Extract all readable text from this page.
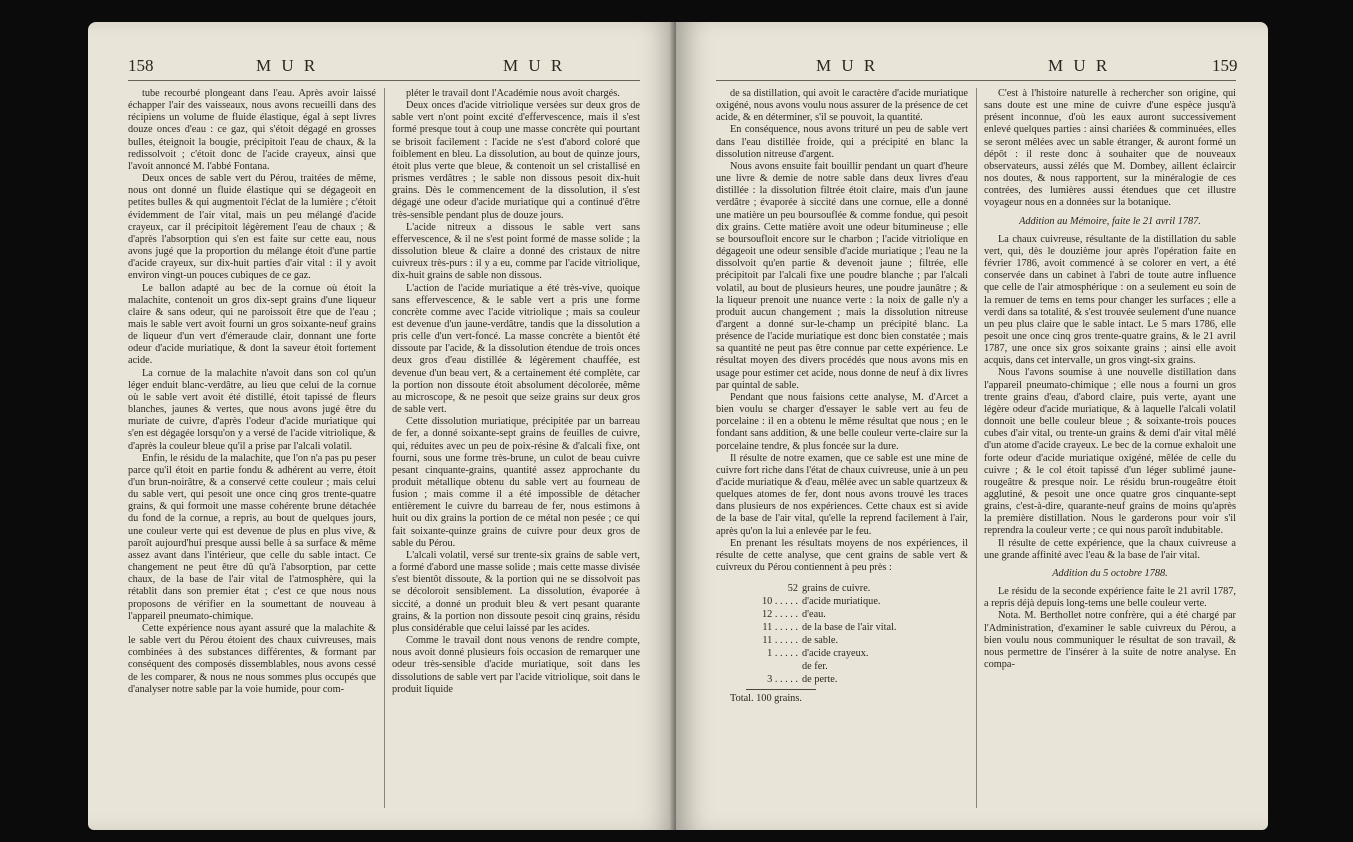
158	M U R	M U R

tube recourbé plongeant dans l'eau. Après avoir laissé échapper l'air des vaisseaux, nous avons recueilli dans des récipiens un volume de fluide élastique, égal à sept livres douze onces d'eau : ce gaz, qui s'étoit dégagé en grosses bulles, éteignoit la bougie, précipitoit l'eau de chaux, & la redissolvoit ; c'étoit donc de l'acide crayeux, ainsi que l'avoit annoncé M. l'abbé Fontana.

Deux onces de sable vert du Pérou, traitées de même, nous ont donné un fluide élastique qui se dégageoit en petites bulles & qui augmentoit l'éclat de la lumière ; c'étoit évidemment de l'air vital, mais un peu mélangé d'acide crayeux, car il précipitoit légèrement l'eau de chaux ; & d'après l'absorption qui s'en est faite sur cette eau, nous avons jugé que la proportion du mélange étoit d'une partie d'acide crayeux, sur dix-huit parties d'air vital : il y avoit environ vingt-un pouces cubiques de ce gaz.

Le ballon adapté au bec de la cornue où étoit la malachite, contenoit un gros dix-sept grains d'une liqueur claire & sans odeur, qui ne paroissoit être que de l'eau ; mais le sable vert avoit fourni un gros soixante-neuf grains de liqueur d'un vert d'émeraude clair, donnant une forte odeur d'acide muriatique, & dont la saveur étoit fortement acide.

La cornue de la malachite n'avoit dans son col qu'un léger enduit blanc-verdâtre, au lieu que celui de la cornue où le sable vert avoit été distillé, étoit tapissé de fleurs blanches, jaunes & vertes, que nous avons jugé être du muriate de cuivre, d'après l'odeur d'acide muriatique qui s'en est dégagée lorsqu'on y a versé de l'acide vitriolique, & d'après la couleur bleue qu'il a prise par l'alcali volatil.

Enfin, le résidu de la malachite, que l'on n'a pas pu peser parce qu'il étoit en partie fondu & adhérent au verre, étoit d'un brun-noirâtre, & a conservé cette couleur ; mais celui du sable vert, qui pesoit une once cinq gros trente-quatre grains, & qui formoit une masse cohérente brune détachée du fond de la cornue, a repris, au bout de quelques jours, une couleur verte qui est devenue de plus en plus vive, & paroît aujourd'hui presque aussi belle à sa surface & même assez avant dans l'intérieur, que celle du sable intact. Ce changement ne peut être dû qu'à l'absorption, par cette chaux, de la base de l'air vital de l'atmosphère, qui la rétablit dans son premier état ; c'est ce que nous nous proposons de vérifier en la soumettant de nouveau à l'appareil pneumato-chimique.

Cette expérience nous ayant assuré que la malachite & le sable vert du Pérou étoient des chaux cuivreuses, mais combinées à des substances différentes, & formant par conséquent des composés dissemblables, nous avons cessé de les comparer, & nous ne nous sommes plus occupés que d'analyser notre sable par la voie humide, pour com-

pléter le travail dont l'Académie nous avoit chargés.

Deux onces d'acide vitriolique versées sur deux gros de sable vert n'ont point excité d'effervescence, mais il s'est formé presque tout à coup une masse concrète qui pourtant se brisoit facilement : l'acide ne s'est d'abord coloré que foiblement en bleu. La dissolution, au bout de quinze jours, étoit plus verte que bleue, & contenoit un sel cristallisé en prismes verdâtres ; le sable non dissous pesoit dix-huit grains. Dès le commencement de la dissolution, il s'est dégagé une odeur d'acide muriatique qui a continué d'être très-sensible pendant plus de douze jours.

L'acide nitreux a dissous le sable vert sans effervescence, & il ne s'est point formé de masse solide ; la dissolution bleue & claire a donné des cristaux de nitre cuivreux très-purs : il y a eu, comme par l'acide vitriolique, dix-huit grains de sable non dissous.

L'action de l'acide muriatique a été très-vive, quoique sans effervescence, & le sable vert a pris une forme concrète comme avec l'acide vitriolique ; mais sa couleur est devenue d'un jaune-verdâtre, tandis que la dissolution a pris celle d'un vert-foncé. La masse concrète a bientôt été dissoute par l'acide, & la dissolution étendue de trois onces deux gros d'eau distillée & légèrement chauffée, est devenue d'un beau vert, & a certainement été complète, car la portion non dissoute étoit absolument décolorée, même au microscope, & ne pesoit que seize grains sur deux gros de sable vert.

Cette dissolution muriatique, précipitée par un barreau de fer, a donné soixante-sept grains de feuilles de cuivre, qui, réduites avec un peu de poix-résine & d'alcali fixe, ont fourni, sous une forme très-brune, un culot de beau cuivre pesant cinquante-grains, quantité assez approchante du produit métallique obtenu du sable vert au fourneau de fusion ; mais comme il a été impossible de détacher entièrement le cuivre du barreau de fer, nous estimons à huit ou dix grains la portion de ce métal non pesée ; ce qui fait soixante-quinze grains de cuivre pour deux gros de sable du Pérou.

L'alcali volatil, versé sur trente-six grains de sable vert, a formé d'abord une masse solide ; mais cette masse divisée s'est bientôt dissoute, & la portion qui ne se dissolvoit pas se décoloroit sensiblement. La dissolution, évaporée à siccité, a donné un produit bleu & vert pesant quarante grains, & la portion non dissoute pesoit cinq grains, résidu plus considérable que celui laissé par les acides.

Comme le travail dont nous venons de rendre compte, nous avoit donné plusieurs fois occasion de remarquer une odeur très-sensible d'acide muriatique, soit dans les dissolutions de sable vert par l'acide vitriolique, soit dans le produit liquide

M U R	M U R	159

de sa distillation, qui avoit le caractère d'acide muriatique oxigéné, nous avons voulu nous assurer de la présence de cet acide, & en déterminer, s'il se pouvoit, la quantité.

En conséquence, nous avons trituré un peu de sable vert dans l'eau distillée froide, qui a précipité en blanc la dissolution nitreuse d'argent.

Nous avons ensuite fait bouillir pendant un quart d'heure une livre & demie de notre sable dans deux livres d'eau distillée : la dissolution filtrée étoit claire, mais d'un jaune verdâtre ; évaporée à siccité dans une cornue, elle a donné une matière un peu boursouflée & comme fondue, qui pesoit dix grains. Cette matière avoit une odeur bitumineuse ; elle se boursoufloit encore sur le charbon ; l'acide vitriolique en dégageoit une odeur sensible d'acide muriatique ; l'eau ne la dissolvoit qu'en partie & devenoit jaune ; filtrée, elle précipitoit par l'alcali fixe une poudre blanche ; par l'alcali volatil, au bout de plusieurs heures, une poudre jaunâtre ; & la liqueur prenoit une nuance verte : la noix de galle n'y a produit aucun changement ; mais la dissolution nitreuse d'argent a donné sur-le-champ un précipité blanc. La présence de l'acide muriatique est donc bien constatée ; mais sa quantité ne peut pas être connue par cette expérience. Le résultat moyen des divers procédés que nous avons mis en usage pour estimer cet acide, nous donne de neuf à dix livres par quintal de sable.

Pendant que nous faisions cette analyse, M. d'Arcet a bien voulu se charger d'essayer le sable vert au feu de porcelaine : il en a obtenu le même résultat que nous ; en le fondant sans addition, & une belle couleur verte-claire sur la porcelaine tendre, & plus foncée sur la dure.

Il résulte de notre examen, que ce sable est une mine de cuivre fort riche dans l'état de chaux cuivreuse, unie à un peu d'acide muriatique & d'eau, mêlée avec un sable quartzeux & quelques atomes de fer, dont nous avons trouvé les traces dans plusieurs de nos expériences. Cette chaux est si avide de la base de l'air vital, qu'elle la reprend facilement à l'air, après qu'on la lui a enlevée par le feu.

En prenant les résultats moyens de nos expériences, il résulte de cette analyse, que cent grains de sable vert & cuivreux du Pérou contiennent à peu près :

52 grains de cuivre.
10 . . . . . d'acide muriatique.
12 . . . . . d'eau.
11 . . . . . de la base de l'air vital.
11 . . . . . de sable.
1 . . . . . d'acide crayeux.
de fer.
3 . . . . . de perte.

Total. 100 grains.

C'est à l'histoire naturelle à rechercher son origine, qui sans doute est une mine de cuivre d'une espèce jusqu'à présent inconnue, d'où les eaux auront successivement enlevé quelques parties : ainsi chariées & comminuées, elles se seront mêlées avec un sable étranger, & auront formé un dépôt : il reste donc à souhaiter que de nouveaux observateurs, aussi zélés que M. Dombey, aillent éclaircir nos doutes, & nous rapportent, sur la minéralogie de ces contrées, des lumières aussi étendues que cet illustre voyageur nous en a données sur la botanique.

Addition au Mémoire, faite le 21 avril 1787.

La chaux cuivreuse, résultante de la distillation du sable vert, qui, dès le douzième jour après l'opération faite en février 1786, avoit commencé à se colorer en vert, a été conservée dans un cabinet à l'abri de toute autre influence que celle de l'air atmosphérique : on a seulement eu soin de la remuer de tems en tems pour changer les surfaces ; elle a verdi dans sa totalité, & s'est trouvée seulement d'une nuance un peu plus claire que le sable intact. Le 5 mars 1786, elle pesoit une once cinq gros trente-quatre grains, & le 21 avril 1787, une once six gros soixante grains ; ainsi elle avoit acquis, dans cet intervalle, un gros vingt-six grains.

Nous l'avons soumise à une nouvelle distillation dans l'appareil pneumato-chimique ; elle nous a fourni un gros trente grains d'eau, d'abord claire, puis verte, ayant une légère odeur d'acide muriatique, & à laquelle l'alcali volatil donnoit une belle couleur bleue ; & soixante-trois pouces cubes d'air vital, ou trente-un grains & demi d'air vital mêlé d'un atome d'acide crayeux. Le bec de la cornue exhaloit une forte odeur d'acide muriatique oxigéné, mêlée de celle du cuivre ; & le col étoit tapissé d'un léger sublimé jaune-rougeâtre & presque noir. Le résidu brun-rougeâtre étoit agglutiné, & pesoit une once quatre gros cinquante-sept grains, c'est-à-dire, quarante-neuf grains de moins qu'après la première distillation. Nous le garderons pour voir s'il reprendra la couleur verte ; ce qui nous paroît indubitable.

Il résulte de cette expérience, que la chaux cuivreuse a une grande affinité avec l'eau & la base de l'air vital.

Addition du 5 octobre 1788.

Le résidu de la seconde expérience faite le 21 avril 1787, a repris déjà depuis long-tems une belle couleur verte.

Nota. M. Berthollet notre confrère, qui a été chargé par l'Administration, d'examiner le sable cuivreux du Pérou, a bien voulu nous communiquer le résultat de son travail, & nous permettre de l'insérer à la suite de notre analyse. En compa-
